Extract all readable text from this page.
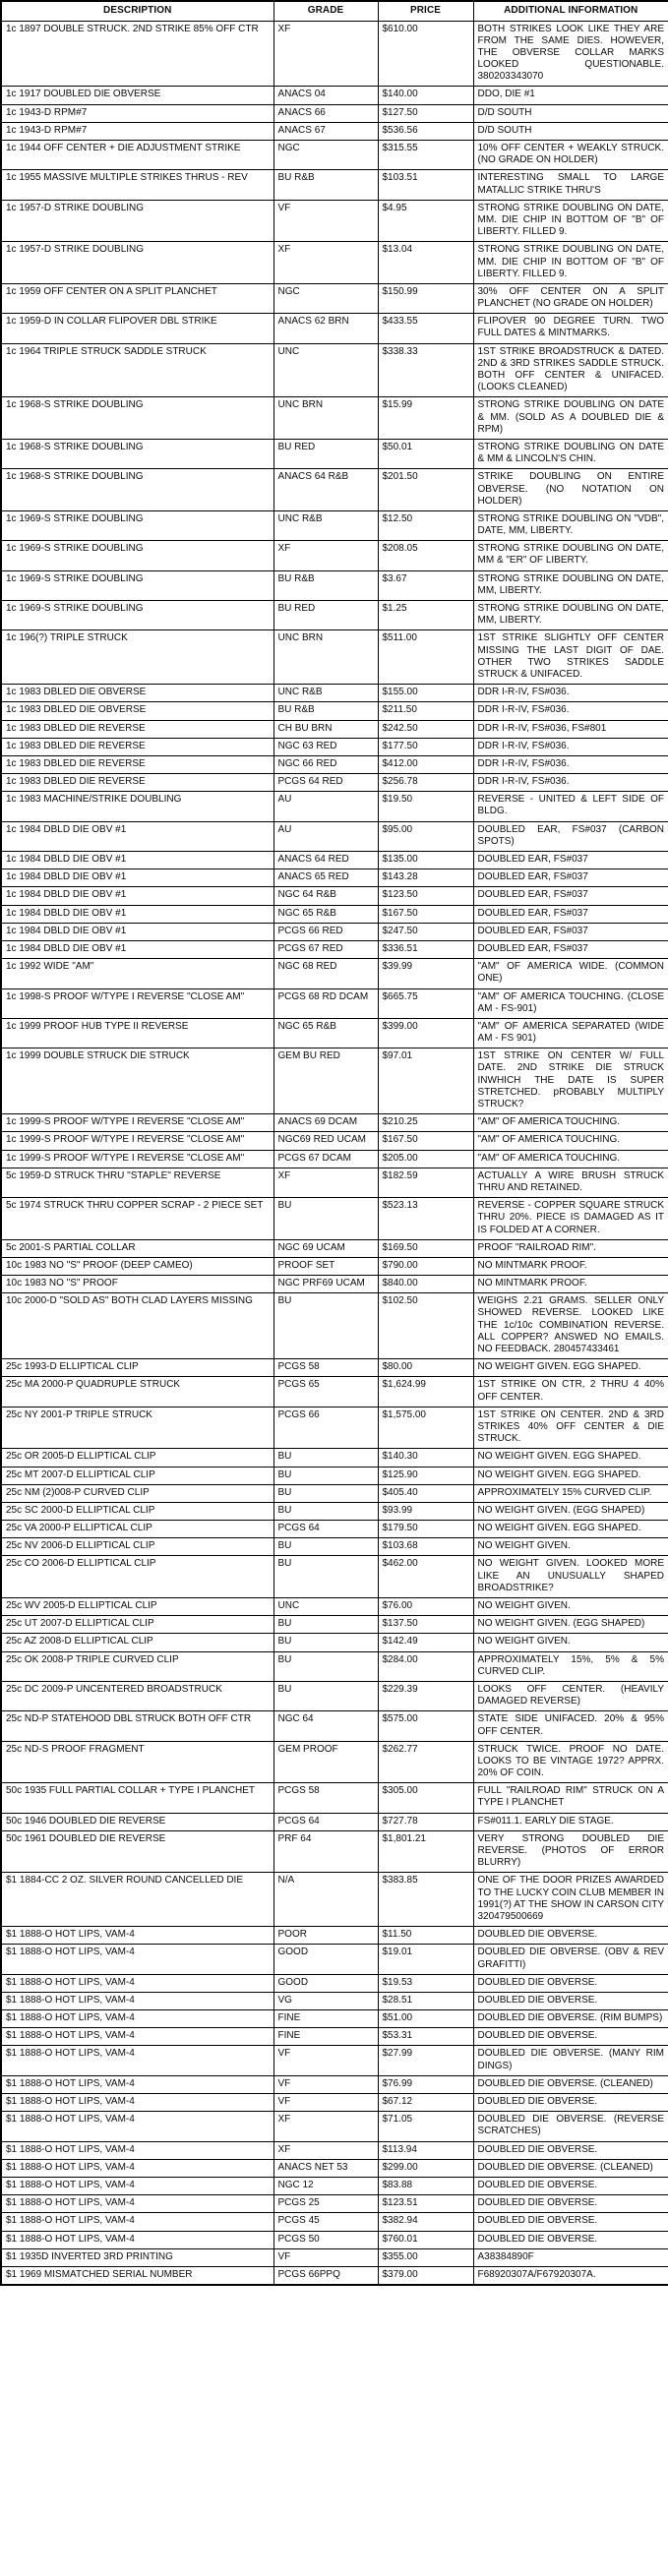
DESCRIPTION	GRADE	PRICE	ADDITIONAL INFORMATION
1c 1897 DOUBLE STRUCK. 2ND STRIKE 85% OFF CTR	XF	$610.00	BOTH STRIKES LOOK LIKE THEY ARE FROM THE SAME DIES. HOWEVER, THE OBVERSE COLLAR MARKS LOOKED QUESTIONABLE. 380203343070
1c 1917 DOUBLED DIE OBVERSE	ANACS 04	$140.00	DDO, DIE #1
1c 1943-D RPM#7	ANACS 66	$127.50	D/D SOUTH
1c 1943-D RPM#7	ANACS 67	$536.56	D/D SOUTH
1c 1944 OFF CENTER + DIE ADJUSTMENT STRIKE	NGC	$315.55	10% OFF CENTER + WEAKLY STRUCK. (NO GRADE ON HOLDER)
1c 1955 MASSIVE MULTIPLE STRIKES THRUS - REV	BU R&B	$103.51	INTERESTING SMALL TO LARGE MATALLIC STRIKE THRU'S
1c 1957-D STRIKE DOUBLING	VF	$4.95	STRONG STRIKE DOUBLING ON DATE, MM. DIE CHIP IN BOTTOM OF "B" OF LIBERTY. FILLED 9.
1c 1957-D STRIKE DOUBLING	XF	$13.04	STRONG STRIKE DOUBLING ON DATE, MM. DIE CHIP IN BOTTOM OF "B" OF LIBERTY. FILLED 9.
1c 1959 OFF CENTER ON A SPLIT PLANCHET	NGC	$150.99	30% OFF CENTER ON A SPLIT PLANCHET (NO GRADE ON HOLDER)
1c 1959-D IN COLLAR FLIPOVER DBL STRIKE	ANACS 62 BRN	$433.55	FLIPOVER 90 DEGREE TURN. TWO FULL DATES & MINTMARKS.
1c 1964 TRIPLE STRUCK SADDLE STRUCK	UNC	$338.33	1ST STRIKE BROADSTRUCK & DATED. 2ND & 3RD STRIKES SADDLE STRUCK. BOTH OFF CENTER & UNIFACED. (LOOKS CLEANED)
1c 1968-S STRIKE DOUBLING	UNC BRN	$15.99	STRONG STRIKE DOUBLING ON DATE & MM. (SOLD AS A DOUBLED DIE & RPM)
1c 1968-S STRIKE DOUBLING	BU RED	$50.01	STRONG STRIKE DOUBLING ON DATE & MM & LINCOLN'S CHIN.
1c 1968-S STRIKE DOUBLING	ANACS 64 R&B	$201.50	STRIKE DOUBLING ON ENTIRE OBVERSE. (NO NOTATION ON HOLDER)
1c 1969-S STRIKE DOUBLING	UNC R&B	$12.50	STRONG STRIKE DOUBLING ON "VDB", DATE, MM, LIBERTY.
1c 1969-S STRIKE DOUBLING	XF	$208.05	STRONG STRIKE DOUBLING ON DATE, MM & "ER" OF LIBERTY.
1c 1969-S STRIKE DOUBLING	BU R&B	$3.67	STRONG STRIKE DOUBLING ON DATE, MM, LIBERTY.
1c 1969-S STRIKE DOUBLING	BU RED	$1.25	STRONG STRIKE DOUBLING ON DATE, MM, LIBERTY.
1c 196(?) TRIPLE STRUCK	UNC BRN	$511.00	1ST STRIKE SLIGHTLY OFF CENTER MISSING THE LAST DIGIT OF DAE. OTHER TWO STRIKES SADDLE STRUCK & UNIFACED.
1c 1983 DBLED DIE OBVERSE	UNC R&B	$155.00	DDR I-R-IV, FS#036.
1c 1983 DBLED DIE OBVERSE	BU R&B	$211.50	DDR I-R-IV, FS#036.
1c 1983 DBLED DIE REVERSE	CH BU BRN	$242.50	DDR I-R-IV, FS#036, FS#801
1c 1983 DBLED DIE REVERSE	NGC 63 RED	$177.50	DDR I-R-IV, FS#036.
1c 1983 DBLED DIE REVERSE	NGC 66 RED	$412.00	DDR I-R-IV, FS#036.
1c 1983 DBLED DIE REVERSE	PCGS 64 RED	$256.78	DDR I-R-IV, FS#036.
1c 1983 MACHINE/STRIKE DOUBLING	AU	$19.50	REVERSE - UNITED & LEFT SIDE OF BLDG.
1c 1984 DBLD DIE OBV #1	AU	$95.00	DOUBLED EAR, FS#037 (CARBON SPOTS)
1c 1984 DBLD DIE OBV #1	ANACS 64 RED	$135.00	DOUBLED EAR, FS#037
1c 1984 DBLD DIE OBV #1	ANACS 65 RED	$143.28	DOUBLED EAR, FS#037
1c 1984 DBLD DIE OBV #1	NGC 64 R&B	$123.50	DOUBLED EAR, FS#037
1c 1984 DBLD DIE OBV #1	NGC 65 R&B	$167.50	DOUBLED EAR, FS#037
1c 1984 DBLD DIE OBV #1	PCGS 66 RED	$247.50	DOUBLED EAR, FS#037
1c 1984 DBLD DIE OBV #1	PCGS 67 RED	$336.51	DOUBLED EAR, FS#037
1c 1992 WIDE "AM"	NGC 68 RED	$39.99	"AM" OF AMERICA WIDE. (COMMON ONE)
1c 1998-S PROOF W/TYPE I REVERSE "CLOSE AM"	PCGS 68 RD DCAM	$665.75	"AM" OF AMERICA TOUCHING. (CLOSE AM - FS-901)
1c 1999 PROOF HUB TYPE II REVERSE	NGC 65 R&B	$399.00	"AM" OF AMERICA SEPARATED (WIDE AM - FS 901)
1c 1999 DOUBLE STRUCK DIE STRUCK	GEM BU RED	$97.01	1ST STRIKE ON CENTER W/ FULL DATE. 2ND STRIKE DIE STRUCK INWHICH THE DATE IS SUPER STRETCHED. pROBABLY MULTIPLY STRUCK?
1c 1999-S PROOF W/TYPE I REVERSE "CLOSE AM"	ANACS 69 DCAM	$210.25	"AM" OF AMERICA TOUCHING.
1c 1999-S PROOF W/TYPE I REVERSE "CLOSE AM"	NGC69 RED UCAM	$167.50	"AM" OF AMERICA TOUCHING.
1c 1999-S PROOF W/TYPE I REVERSE "CLOSE AM"	PCGS 67 DCAM	$205.00	"AM" OF AMERICA TOUCHING.
5c 1959-D STRUCK THRU "STAPLE" REVERSE	XF	$182.59	ACTUALLY A WIRE BRUSH STRUCK THRU AND RETAINED.
5c 1974 STRUCK THRU COPPER SCRAP - 2 PIECE SET	BU	$523.13	REVERSE - COPPER SQUARE STRUCK THRU 20%. PIECE IS DAMAGED AS IT IS FOLDED AT A CORNER.
5c 2001-S PARTIAL COLLAR	NGC 69 UCAM	$169.50	PROOF "RAILROAD RIM".
10c 1983 NO "S" PROOF (DEEP CAMEO)	PROOF SET	$790.00	NO MINTMARK PROOF.
10c 1983 NO "S" PROOF	NGC PRF69 UCAM	$840.00	NO MINTMARK PROOF.
10c 2000-D "SOLD AS" BOTH CLAD LAYERS MISSING	BU	$102.50	WEIGHS 2.21 GRAMS. SELLER ONLY SHOWED REVERSE. LOOKED LIKE THE 1c/10c COMBINATION REVERSE. ALL COPPER? ANSWED NO EMAILS. NO FEEDBACK. 280457433461
25c 1993-D ELLIPTICAL CLIP	PCGS 58	$80.00	NO WEIGHT GIVEN. EGG SHAPED.
25c MA 2000-P QUADRUPLE STRUCK	PCGS 65	$1,624.99	1ST STRIKE ON CTR, 2 THRU 4 40% OFF CENTER.
25c NY 2001-P TRIPLE STRUCK	PCGS 66	$1,575.00	1ST STRIKE ON CENTER. 2ND & 3RD STRIKES 40% OFF CENTER & DIE STRUCK.
25c OR 2005-D ELLIPTICAL CLIP	BU	$140.30	NO WEIGHT GIVEN. EGG SHAPED.
25c MT 2007-D ELLIPTICAL CLIP	BU	$125.90	NO WEIGHT GIVEN. EGG SHAPED.
25c NM (2)008-P CURVED CLIP	BU	$405.40	APPROXIMATELY 15% CURVED CLIP.
25c SC 2000-D ELLIPTICAL CLIP	BU	$93.99	NO WEIGHT GIVEN. (EGG SHAPED)
25c VA 2000-P ELLIPTICAL CLIP	PCGS 64	$179.50	NO WEIGHT GIVEN. EGG SHAPED.
25c NV 2006-D ELLIPTICAL CLIP	BU	$103.68	NO WEIGHT GIVEN.
25c CO 2006-D ELLIPTICAL CLIP	BU	$462.00	NO WEIGHT GIVEN. LOOKED MORE LIKE AN UNUSUALLY SHAPED BROADSTRIKE?
25c WV 2005-D ELLIPTICAL CLIP	UNC	$76.00	NO WEIGHT GIVEN.
25c UT 2007-D ELLIPTICAL CLIP	BU	$137.50	NO WEIGHT GIVEN. (EGG SHAPED)
25c AZ 2008-D ELLIPTICAL CLIP	BU	$142.49	NO WEIGHT GIVEN.
25c OK 2008-P TRIPLE CURVED CLIP	BU	$284.00	APPROXIMATELY 15%, 5% & 5% CURVED CLIP.
25c DC 2009-P UNCENTERED BROADSTRUCK	BU	$229.39	LOOKS OFF CENTER. (HEAVILY DAMAGED REVERSE)
25c ND-P STATEHOOD DBL STRUCK BOTH OFF CTR	NGC 64	$575.00	STATE SIDE UNIFACED. 20% & 95% OFF CENTER.
25c ND-S PROOF FRAGMENT	GEM PROOF	$262.77	STRUCK TWICE. PROOF NO DATE. LOOKS TO BE VINTAGE 1972? APPRX. 20% OF COIN.
50c 1935 FULL PARTIAL COLLAR + TYPE I PLANCHET	PCGS 58	$305.00	FULL "RAILROAD RIM" STRUCK ON A TYPE I PLANCHET
50c 1946 DOUBLED DIE REVERSE	PCGS 64	$727.78	FS#011.1. EARLY DIE STAGE.
50c 1961 DOUBLED DIE REVERSE	PRF 64	$1,801.21	VERY STRONG DOUBLED DIE REVERSE. (PHOTOS OF ERROR BLURRY)
$1 1884-CC 2 OZ. SILVER ROUND CANCELLED DIE	N/A	$383.85	ONE OF THE DOOR PRIZES AWARDED TO THE LUCKY COIN CLUB MEMBER IN 1991(?) AT THE SHOW IN CARSON CITY 320479500669
$1 1888-O HOT LIPS, VAM-4	POOR	$11.50	DOUBLED DIE OBVERSE.
$1 1888-O HOT LIPS, VAM-4	GOOD	$19.01	DOUBLED DIE OBVERSE. (OBV & REV GRAFITTI)
$1 1888-O HOT LIPS, VAM-4	GOOD	$19.53	DOUBLED DIE OBVERSE.
$1 1888-O HOT LIPS, VAM-4	VG	$28.51	DOUBLED DIE OBVERSE.
$1 1888-O HOT LIPS, VAM-4	FINE	$51.00	DOUBLED DIE OBVERSE. (RIM BUMPS)
$1 1888-O HOT LIPS, VAM-4	FINE	$53.31	DOUBLED DIE OBVERSE.
$1 1888-O HOT LIPS, VAM-4	VF	$27.99	DOUBLED DIE OBVERSE. (MANY RIM DINGS)
$1 1888-O HOT LIPS, VAM-4	VF	$76.99	DOUBLED DIE OBVERSE. (CLEANED)
$1 1888-O HOT LIPS, VAM-4	VF	$67.12	DOUBLED DIE OBVERSE.
$1 1888-O HOT LIPS, VAM-4	XF	$71.05	DOUBLED DIE OBVERSE. (REVERSE SCRATCHES)
$1 1888-O HOT LIPS, VAM-4	XF	$113.94	DOUBLED DIE OBVERSE.
$1 1888-O HOT LIPS, VAM-4	ANACS NET 53	$299.00	DOUBLED DIE OBVERSE. (CLEANED)
$1 1888-O HOT LIPS, VAM-4	NGC 12	$83.88	DOUBLED DIE OBVERSE.
$1 1888-O HOT LIPS, VAM-4	PCGS 25	$123.51	DOUBLED DIE OBVERSE.
$1 1888-O HOT LIPS, VAM-4	PCGS 45	$382.94	DOUBLED DIE OBVERSE.
$1 1888-O HOT LIPS, VAM-4	PCGS 50	$760.01	DOUBLED DIE OBVERSE.
$1 1935D INVERTED 3RD PRINTING	VF	$355.00	A38384890F
$1 1969 MISMATCHED SERIAL NUMBER	PCGS 66PPQ	$379.00	F68920307A/F67920307A.
